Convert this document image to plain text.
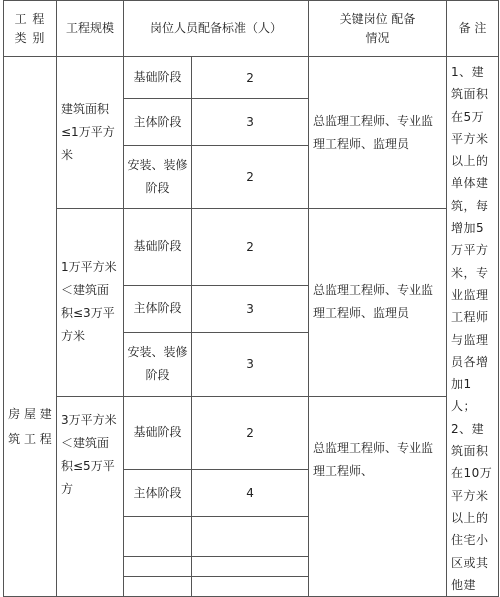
工 程 类 别	工程规模	岗位人员配备标准（人）		关键岗位 配备情况	备 注
房 屋 建 筑 工 程	建筑面积≤1万平方米	基础阶段	2	总监理工程师、专业监理工程师、监理员	1、建筑面积在5万平方米以上的单体建筑，每增加5万平方米，专业监理工程师与监理员各增加1人；2、建筑面积在10万平方米以上的住宅小区或其他建
		主体阶段	3		
		安装、装修阶段	2		
	1万平方米＜建筑面积≤3万平方米	基础阶段	2	总监理工程师、专业监理工程师、监理员	
		主体阶段	3		
		安装、装修阶段	3		
	3万平方米＜建筑面积≤5万平方	基础阶段	2	总监理工程师、专业监理工程师、	
		主体阶段	4		
